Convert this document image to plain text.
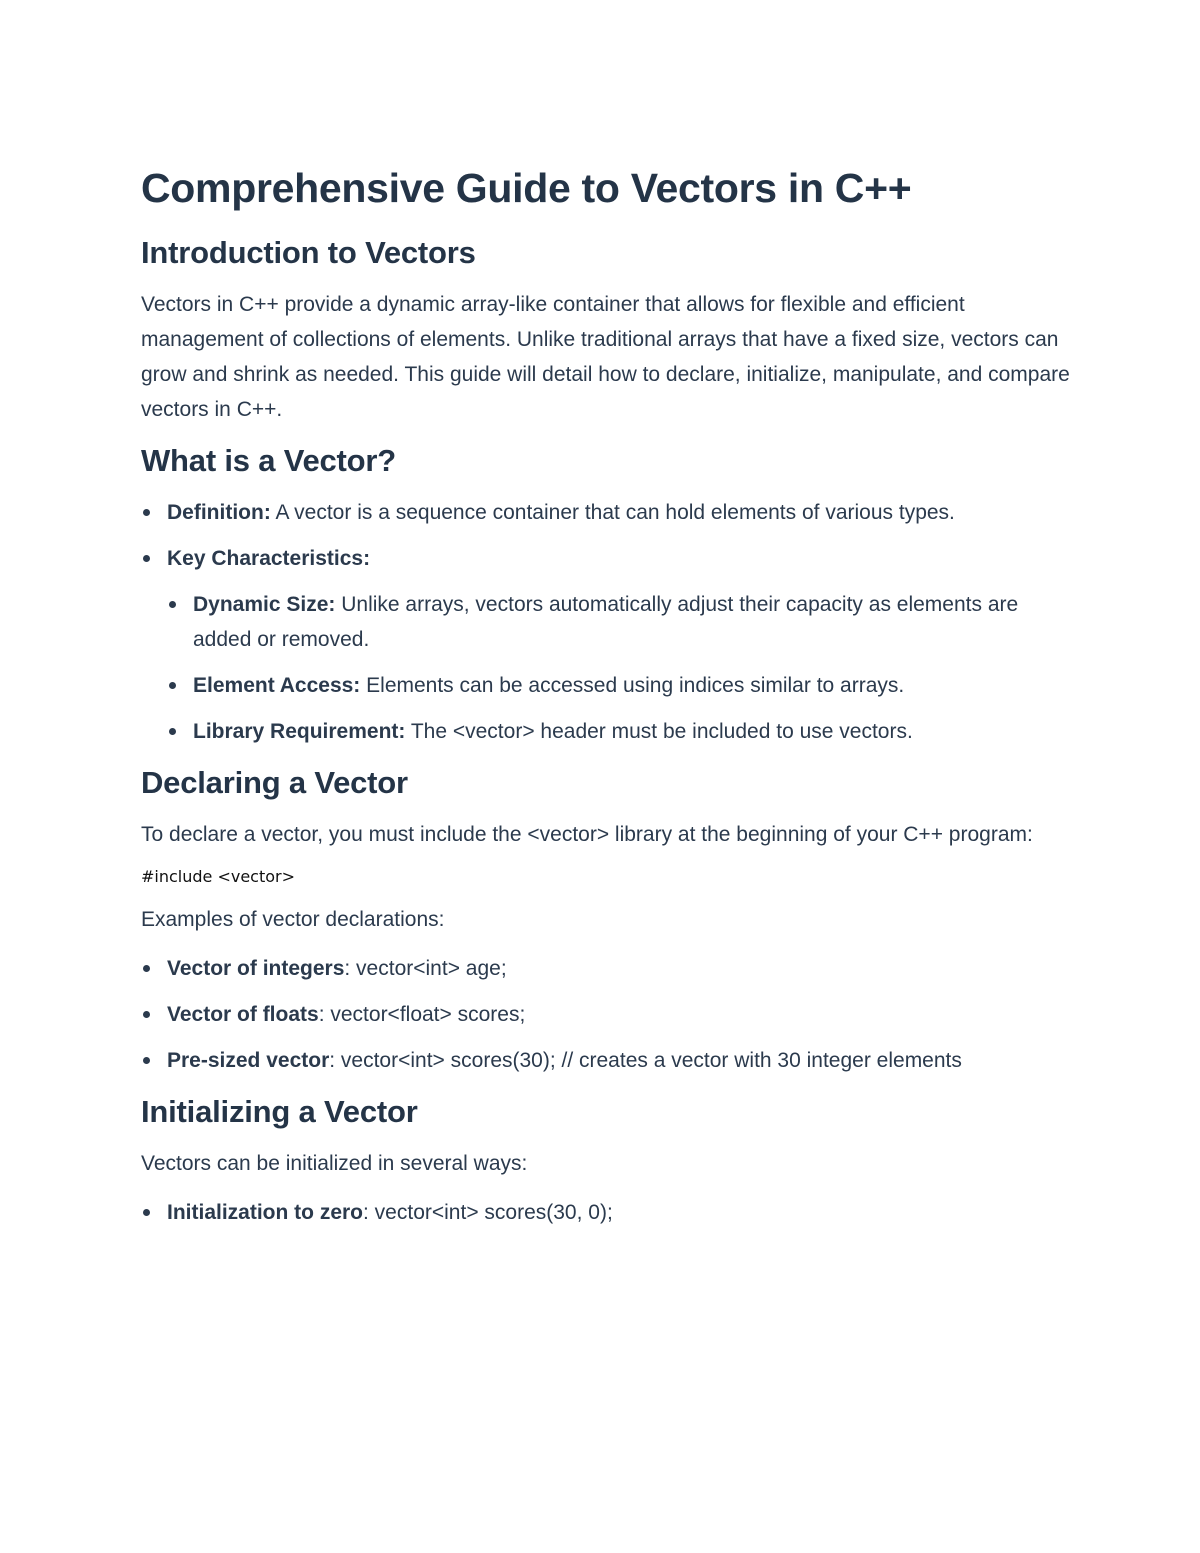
Comprehensive Guide to Vectors in C++
Introduction to Vectors

Vectors in C++ provide a dynamic array-like container that allows for flexible and efficient management of collections of elements. Unlike traditional arrays that have a fixed size, vectors can grow and shrink as needed. This guide will detail how to declare, initialize, manipulate, and compare vectors in C++.

What is a Vector?
Definition: A vector is a sequence container that can hold elements of various types.
Key Characteristics:
Dynamic Size: Unlike arrays, vectors automatically adjust their capacity as elements are added or removed.
Element Access: Elements can be accessed using indices similar to arrays.
Library Requirement: The <vector> header must be included to use vectors.
Declaring a Vector

To declare a vector, you must include the <vector> library at the beginning of your C++ program:

#include <vector>

Examples of vector declarations:

Vector of integers: vector<int> age;
Vector of floats: vector<float> scores;
Pre-sized vector: vector<int> scores(30); // creates a vector with 30 integer elements
Initializing a Vector

Vectors can be initialized in several ways:

Initialization to zero: vector<int> scores(30, 0);
